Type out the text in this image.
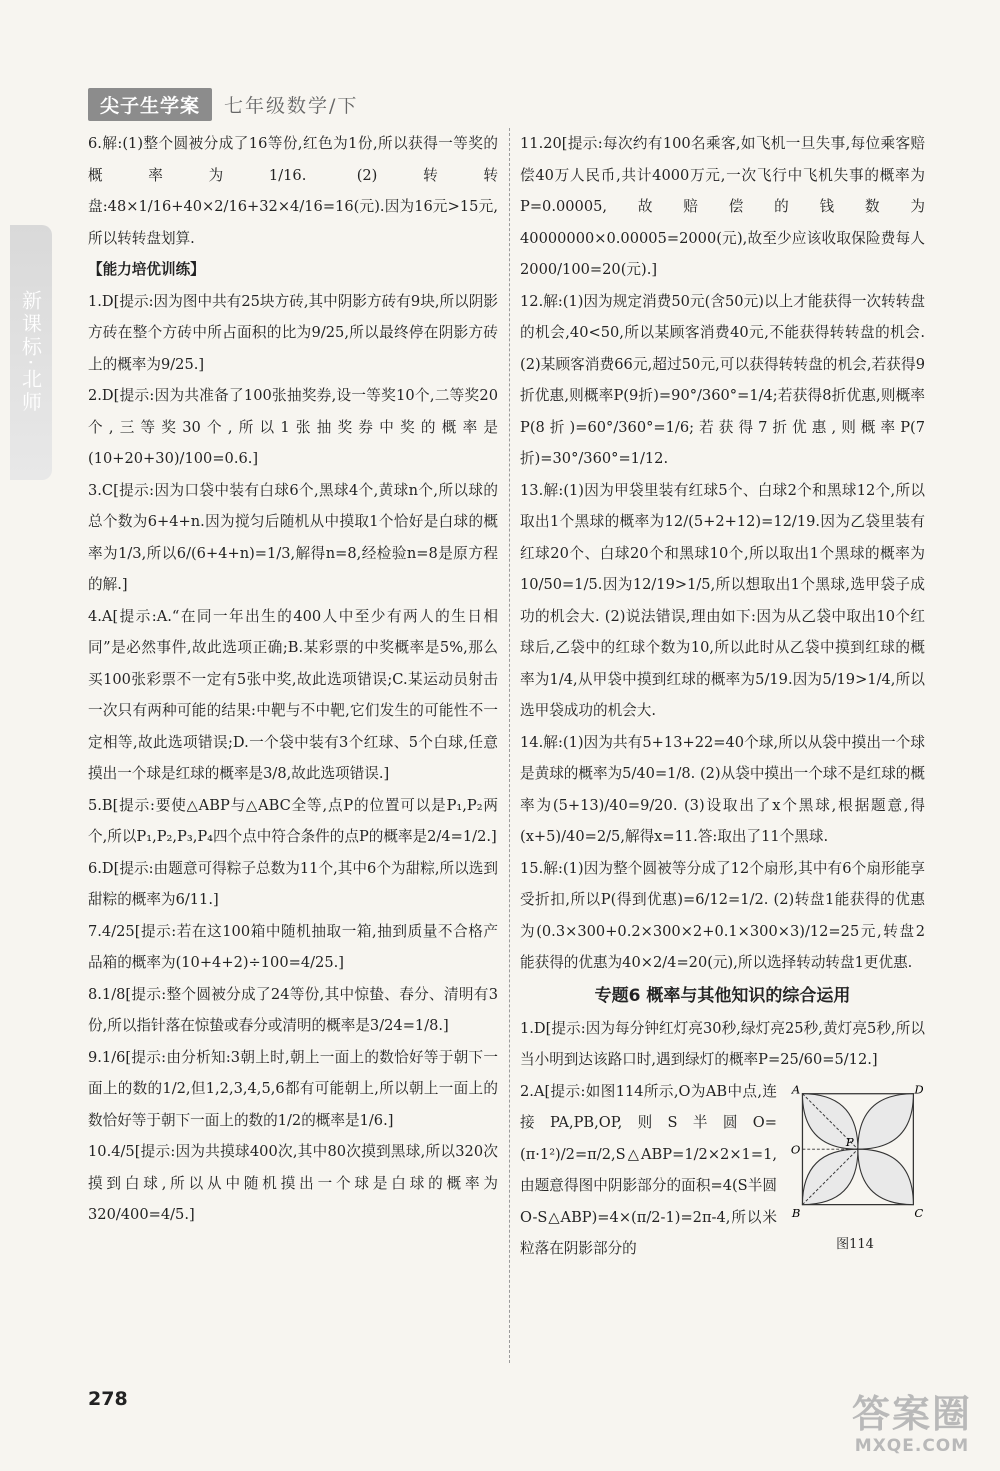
尖子生学案	七年级数学/下
新课标·北师
6.解:(1)整个圆被分成了16等份,红色为1份,所以获得一等奖的概率为1/16. (2)转转盘:48×1/16+40×2/16+32×4/16=16(元).因为16元>15元,所以转转盘划算.
【能力培优训练】
1.D[提示:因为图中共有25块方砖,其中阴影方砖有9块,所以阴影方砖在整个方砖中所占面积的比为9/25,所以最终停在阴影方砖上的概率为9/25.]
2.D[提示:因为共准备了100张抽奖券,设一等奖10个,二等奖20个,三等奖30个,所以1张抽奖券中奖的概率是(10+20+30)/100=0.6.]
3.C[提示:因为口袋中装有白球6个,黑球4个,黄球n个,所以球的总个数为6+4+n.因为搅匀后随机从中摸取1个恰好是白球的概率为1/3,所以6/(6+4+n)=1/3,解得n=8,经检验n=8是原方程的解.]
4.A[提示:A.“在同一年出生的400人中至少有两人的生日相同”是必然事件,故此选项正确;B.某彩票的中奖概率是5%,那么买100张彩票不一定有5张中奖,故此选项错误;C.某运动员射击一次只有两种可能的结果:中靶与不中靶,它们发生的可能性不一定相等,故此选项错误;D.一个袋中装有3个红球、5个白球,任意摸出一个球是红球的概率是3/8,故此选项错误.]
5.B[提示:要使△ABP与△ABC全等,点P的位置可以是P₁,P₂两个,所以P₁,P₂,P₃,P₄四个点中符合条件的点P的概率是2/4=1/2.]
6.D[提示:由题意可得粽子总数为11个,其中6个为甜粽,所以选到甜粽的概率为6/11.]
7.4/25[提示:若在这100箱中随机抽取一箱,抽到质量不合格产品箱的概率为(10+4+2)÷100=4/25.]
8.1/8[提示:整个圆被分成了24等份,其中惊蛰、春分、清明有3份,所以指针落在惊蛰或春分或清明的概率是3/24=1/8.]
9.1/6[提示:由分析知:3朝上时,朝上一面上的数恰好等于朝下一面上的数的1/2,但1,2,3,4,5,6都有可能朝上,所以朝上一面上的数恰好等于朝下一面上的数的1/2的概率是1/6.]
10.4/5[提示:因为共摸球400次,其中80次摸到黑球,所以320次摸到白球,所以从中随机摸出一个球是白球的概率为320/400=4/5.]
11.20[提示:每次约有100名乘客,如飞机一旦失事,每位乘客赔偿40万人民币,共计4000万元,一次飞行中飞机失事的概率为P=0.00005,故赔偿的钱数为40000000×0.00005=2000(元),故至少应该收取保险费每人2000/100=20(元).]
12.解:(1)因为规定消费50元(含50元)以上才能获得一次转转盘的机会,40<50,所以某顾客消费40元,不能获得转转盘的机会. (2)某顾客消费66元,超过50元,可以获得转转盘的机会,若获得9折优惠,则概率P(9折)=90°/360°=1/4;若获得8折优惠,则概率P(8折)=60°/360°=1/6;若获得7折优惠,则概率P(7折)=30°/360°=1/12.
13.解:(1)因为甲袋里装有红球5个、白球2个和黑球12个,所以取出1个黑球的概率为12/(5+2+12)=12/19.因为乙袋里装有红球20个、白球20个和黑球10个,所以取出1个黑球的概率为10/50=1/5.因为12/19>1/5,所以想取出1个黑球,选甲袋子成功的机会大. (2)说法错误,理由如下:因为从乙袋中取出10个红球后,乙袋中的红球个数为10,所以此时从乙袋中摸到红球的概率为1/4,从甲袋中摸到红球的概率为5/19.因为5/19>1/4,所以选甲袋成功的机会大.
14.解:(1)因为共有5+13+22=40个球,所以从袋中摸出一个球是黄球的概率为5/40=1/8. (2)从袋中摸出一个球不是红球的概率为(5+13)/40=9/20. (3)设取出了x个黑球,根据题意,得(x+5)/40=2/5,解得x=11.答:取出了11个黑球.
15.解:(1)因为整个圆被等分成了12个扇形,其中有6个扇形能享受折扣,所以P(得到优惠)=6/12=1/2. (2)转盘1能获得的优惠为(0.3×300+0.2×300×2+0.1×300×3)/12=25元,转盘2能获得的优惠为40×2/4=20(元),所以选择转动转盘1更优惠.
专题6 概率与其他知识的综合运用
1.D[提示:因为每分钟红灯亮30秒,绿灯亮25秒,黄灯亮5秒,所以当小明到达该路口时,遇到绿灯的概率P=25/60=5/12.]
2.A[提示:如图114所示,O为AB中点,连接PA,PB,OP,则S半圆O=(π·1²)/2=π/2,S△ABP=1/2×2×1=1,由题意得图中阴影部分的面积=4(S半圆O-S△ABP)=4×(π/2-1)=2π-4,所以米粒落在阴影部分的
A	D
B	C
O
P
图114
278	答案圈
MXQE.COM
